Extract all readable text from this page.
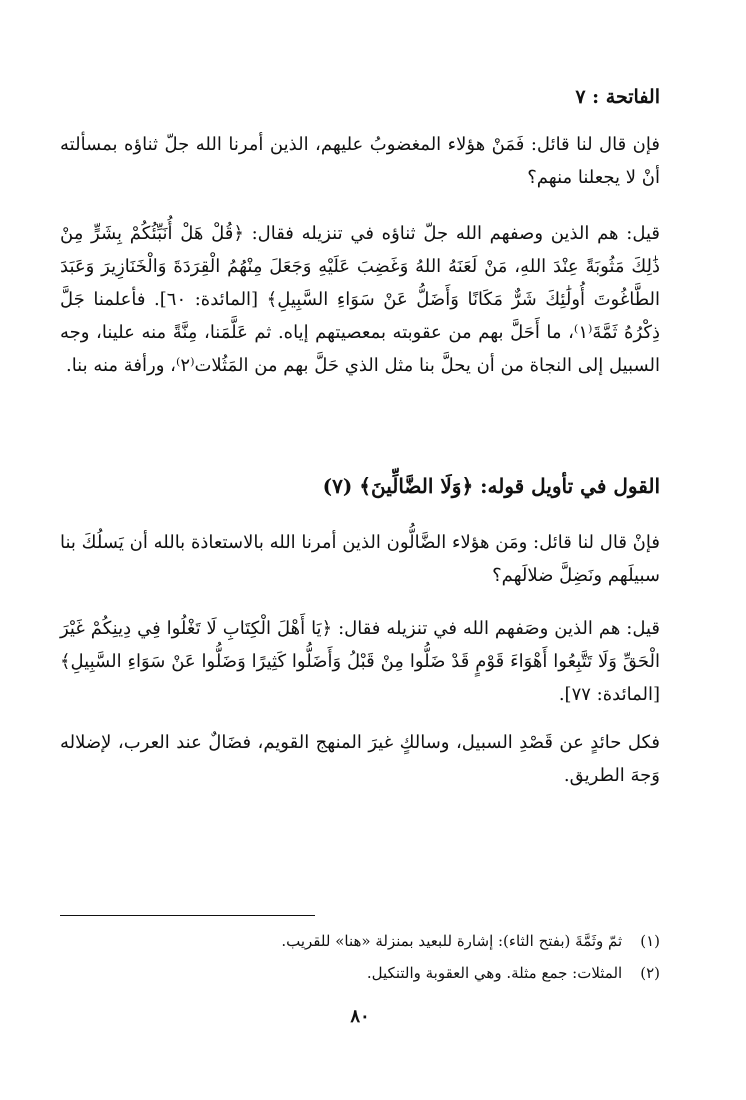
الفاتحة : ٧
فإن قال لنا قائل: فَمَنْ هؤلاء المغضوبُ عليهم، الذين أمرنا الله جلّ ثناؤه بمسألته أنْ لا يجعلنا منهم؟
قيل: هم الذين وصفهم الله جلّ ثناؤه في تنزيله فقال: ﴿قُلْ هَلْ أُنَبِّئُكُمْ بِشَرٍّ مِنْ ذَٰلِكَ مَثُوبَةً عِنْدَ اللهِ، مَنْ لَعَنَهُ اللهُ وَغَضِبَ عَلَيْهِ وَجَعَلَ مِنْهُمُ الْقِرَدَةَ وَالْخَنَازِيرَ وَعَبَدَ الطَّاغُوتَ أُولَٰئِكَ شَرٌّ مَكَانًا وَأَضَلُّ عَنْ سَوَاءِ السَّبِيلِ﴾ [المائدة: ٦٠]. فأعلمنا جَلَّ ذِكْرُهُ ثَمَّةَ⁽١⁾، ما أَحَلَّ بهم من عقوبته بمعصيتهم إياه. ثم عَلَّمَنا، مِنَّةً منه علينا، وجه السبيل إلى النجاة من أن يحلَّ بنا مثل الذي حَلَّ بهم من المَثُلات⁽٢⁾، ورأفة منه بنا.
القول في تأويل قوله: ﴿وَلَا الضَّالِّينَ﴾ (٧)
فإنْ قال لنا قائل: ومَن هؤلاء الضَّالُّون الذين أمرنا الله بالاستعاذة بالله أن يَسلُكَ بنا سبيلَهم ونَضِلَّ ضلالَهم؟
قيل: هم الذين وصَفهم الله في تنزيله فقال: ﴿يَا أَهْلَ الْكِتَابِ لَا تَغْلُوا فِي دِينِكُمْ غَيْرَ الْحَقِّ وَلَا تَتَّبِعُوا أَهْوَاءَ قَوْمٍ قَدْ ضَلُّوا مِنْ قَبْلُ وَأَضَلُّوا كَثِيرًا وَضَلُّوا عَنْ سَوَاءِ السَّبِيلِ﴾ [المائدة: ٧٧].
فكل حائدٍ عن قَصْدِ السبيل، وسالكٍ غيرَ المنهج القويم، فضَالٌ عند العرب، لإضلاله وَجهَ الطريق.
(١)ثمّ وثَمَّةَ (بفتح الثاء): إشارة للبعيد بمنزلة «هنا» للقريب.
(٢)المثلات: جمع مثلة. وهي العقوبة والتنكيل.
٨٠
